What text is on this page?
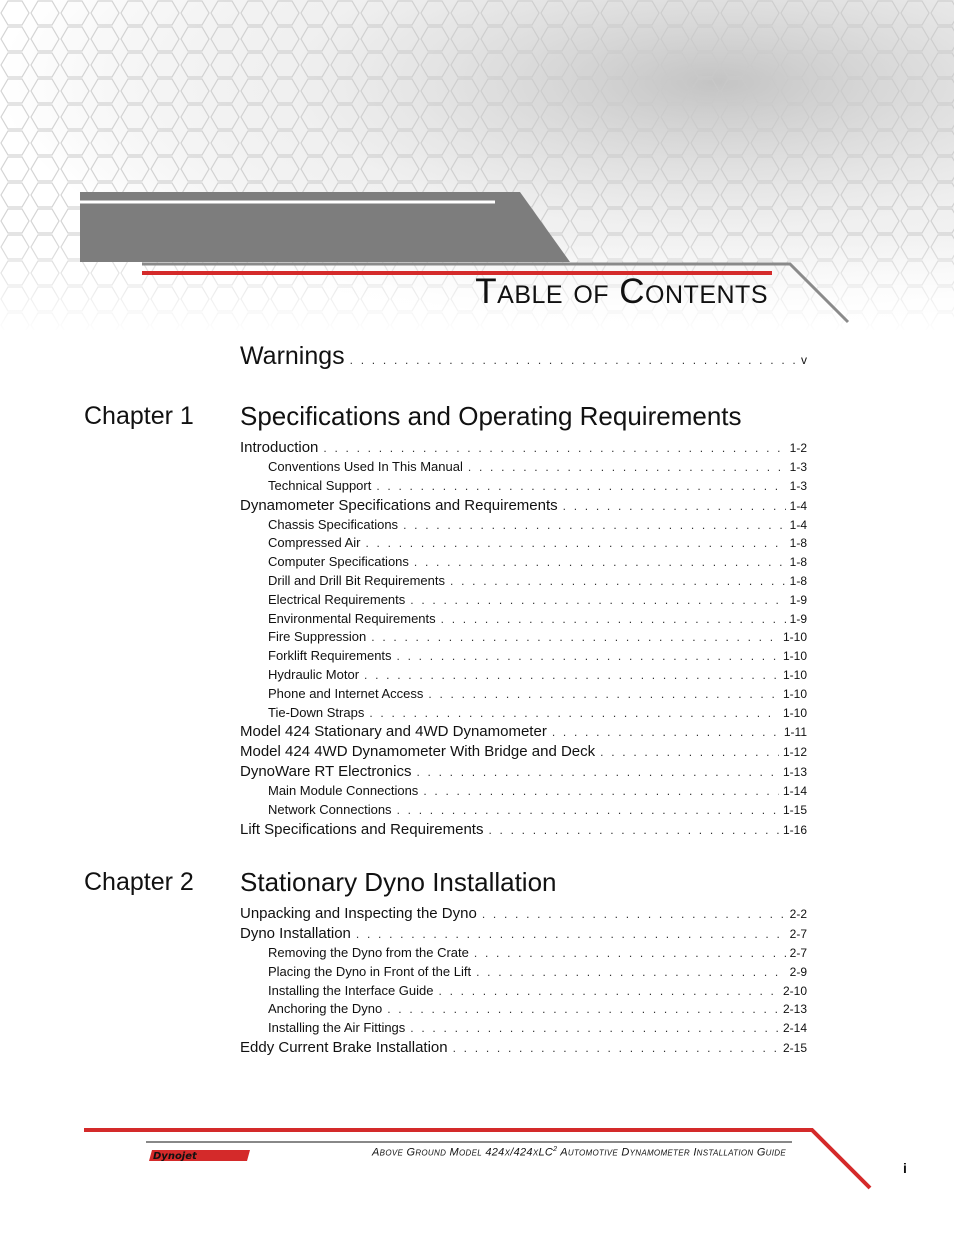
Table of Contents
Warnings . . .	v
Chapter 1 Specifications and Operating Requirements
Introduction . . .	1-2
Conventions Used In This Manual . . .	1-3
Technical Support . . .	1-3
Dynamometer Specifications and Requirements . . .	1-4
Chassis Specifications . . .	1-4
Compressed Air . . .	1-8
Computer Specifications . . .	1-8
Drill and Drill Bit Requirements . . .	1-8
Electrical Requirements . . .	1-9
Environmental Requirements . . .	1-9
Fire Suppression . . .	1-10
Forklift Requirements . . .	1-10
Hydraulic Motor . . .	1-10
Phone and Internet Access . . .	1-10
Tie-Down Straps . . .	1-10
Model 424 Stationary and 4WD Dynamometer . . .	1-11
Model 424 4WD Dynamometer With Bridge and Deck . . .	1-12
DynoWare RT Electronics . . .	1-13
Main Module Connections . . .	1-14
Network Connections . . .	1-15
Lift Specifications and Requirements . . .	1-16
Chapter 2 Stationary Dyno Installation
Unpacking and Inspecting the Dyno . . .	2-2
Dyno Installation . . .	2-7
Removing the Dyno from the Crate . . .	2-7
Placing the Dyno in Front of the Lift . . .	2-9
Installing the Interface Guide . . .	2-10
Anchoring the Dyno . . .	2-13
Installing the Air Fittings . . .	2-14
Eddy Current Brake Installation . . .	2-15
Dynojet	Above Ground Model 424x/424xLC$^2$ Automotive Dynamometer Installation Guide
i
